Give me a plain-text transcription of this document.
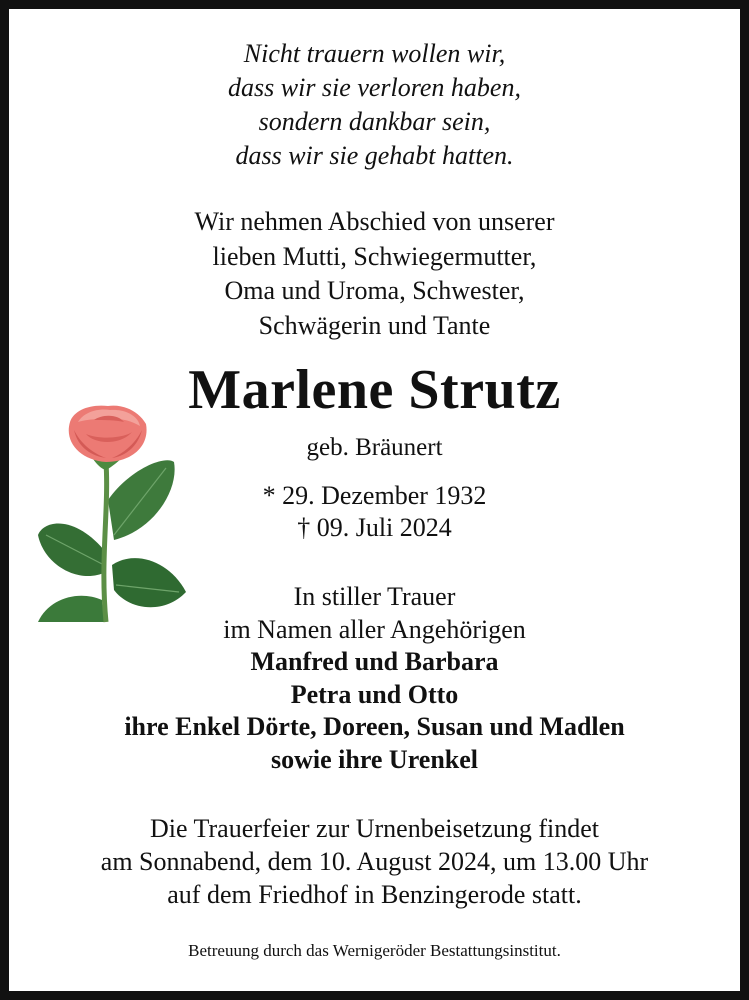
Nicht trauern wollen wir,
dass wir sie verloren haben,
sondern dankbar sein,
dass wir sie gehabt hatten.
Wir nehmen Abschied von unserer
lieben Mutti, Schwiegermutter,
Oma und Uroma, Schwester,
Schwägerin und Tante
Marlene Strutz
geb. Bräunert
* 29. Dezember 1932
† 09. Juli 2024
In stiller Trauer
im Namen aller Angehörigen
Manfred und Barbara
Petra und Otto
ihre Enkel Dörte, Doreen, Susan und Madlen
sowie ihre Urenkel
Die Trauerfeier zur Urnenbeisetzung findet
am Sonnabend, dem 10. August 2024, um 13.00 Uhr
auf dem Friedhof in Benzingerode statt.
Betreuung durch das Wernigeröder Bestattungsinstitut.
